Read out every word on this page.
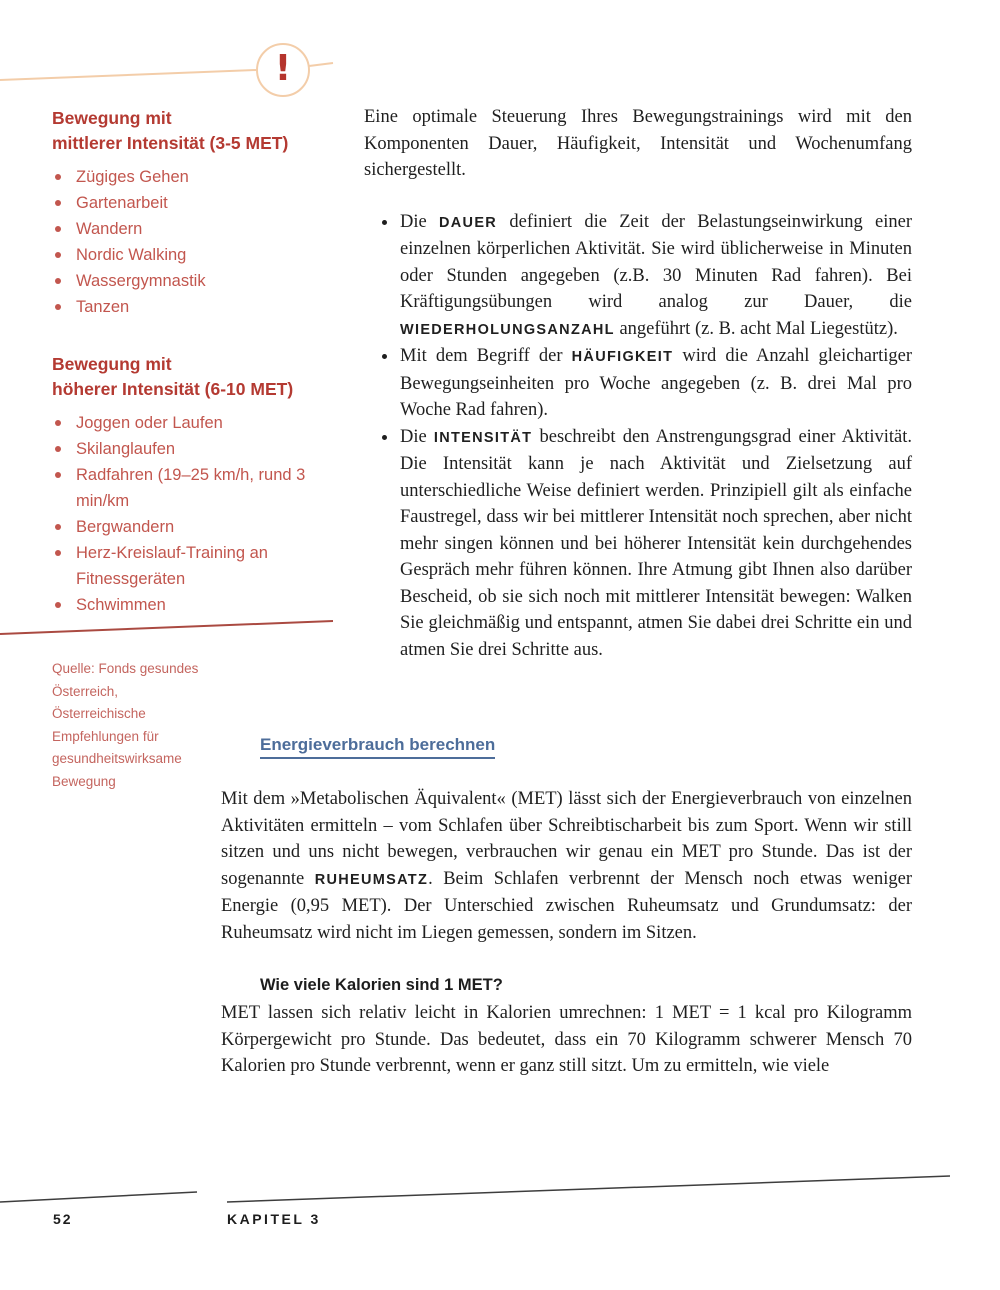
!
Bewegung mit
mittlerer Intensität (3-5 MET)
Zügiges Gehen
Gartenarbeit
Wandern
Nordic Walking
Wassergymnastik
Tanzen
Bewegung mit
höherer Intensität (6-10 MET)
Joggen oder Laufen
Skilanglaufen
Radfahren (19–25 km/h, rund 3 min/km
Bergwandern
Herz-Kreislauf-Training an Fitnessgeräten
Schwimmen
Quelle: Fonds gesundes Österreich, Österreichische Empfehlungen für gesundheitswirksame Bewegung
Eine optimale Steuerung Ihres Bewegungstrainings wird mit den Komponenten Dauer, Häufigkeit, Intensität und Wochenumfang sichergestellt.
Die DAUER definiert die Zeit der Belastungseinwirkung einer einzelnen körperlichen Aktivität. Sie wird üblicherweise in Minuten oder Stunden angegeben (z.B. 30 Minuten Rad fahren). Bei Kräftigungsübungen wird analog zur Dauer, die WIEDERHOLUNGSANZAHL angeführt (z. B. acht Mal Liegestütz).
Mit dem Begriff der HÄUFIGKEIT wird die Anzahl gleichartiger Bewegungseinheiten pro Woche angegeben (z. B. drei Mal pro Woche Rad fahren).
Die INTENSITÄT beschreibt den Anstrengungsgrad einer Aktivität. Die Intensität kann je nach Aktivität und Zielsetzung auf unterschiedliche Weise definiert werden. Prinzipiell gilt als einfache Faustregel, dass wir bei mittlerer Intensität noch sprechen, aber nicht mehr singen können und bei höherer Intensität kein durchgehendes Gespräch mehr führen können. Ihre Atmung gibt Ihnen also darüber Bescheid, ob sie sich noch mit mittlerer Intensität bewegen: Walken Sie gleichmäßig und entspannt, atmen Sie dabei drei Schritte ein und atmen Sie drei Schritte aus.
Energieverbrauch berechnen
Mit dem »Metabolischen Äquivalent« (MET) lässt sich der Energieverbrauch von einzelnen Aktivitäten ermitteln – vom Schlafen über Schreibtischarbeit bis zum Sport. Wenn wir still sitzen und uns nicht bewegen, verbrauchen wir genau ein MET pro Stunde. Das ist der sogenannte RUHEUMSATZ. Beim Schlafen verbrennt der Mensch noch etwas weniger Energie (0,95 MET). Der Unterschied zwischen Ruheumsatz und Grundumsatz: der Ruheumsatz wird nicht im Liegen gemessen, sondern im Sitzen.
Wie viele Kalorien sind 1 MET?
MET lassen sich relativ leicht in Kalorien umrechnen: 1 MET = 1 kcal pro Kilogramm Körpergewicht pro Stunde. Das bedeutet, dass ein 70 Kilogramm schwerer Mensch 70 Kalorien pro Stunde verbrennt, wenn er ganz still sitzt. Um zu ermitteln, wie viele
52	KAPITEL 3
